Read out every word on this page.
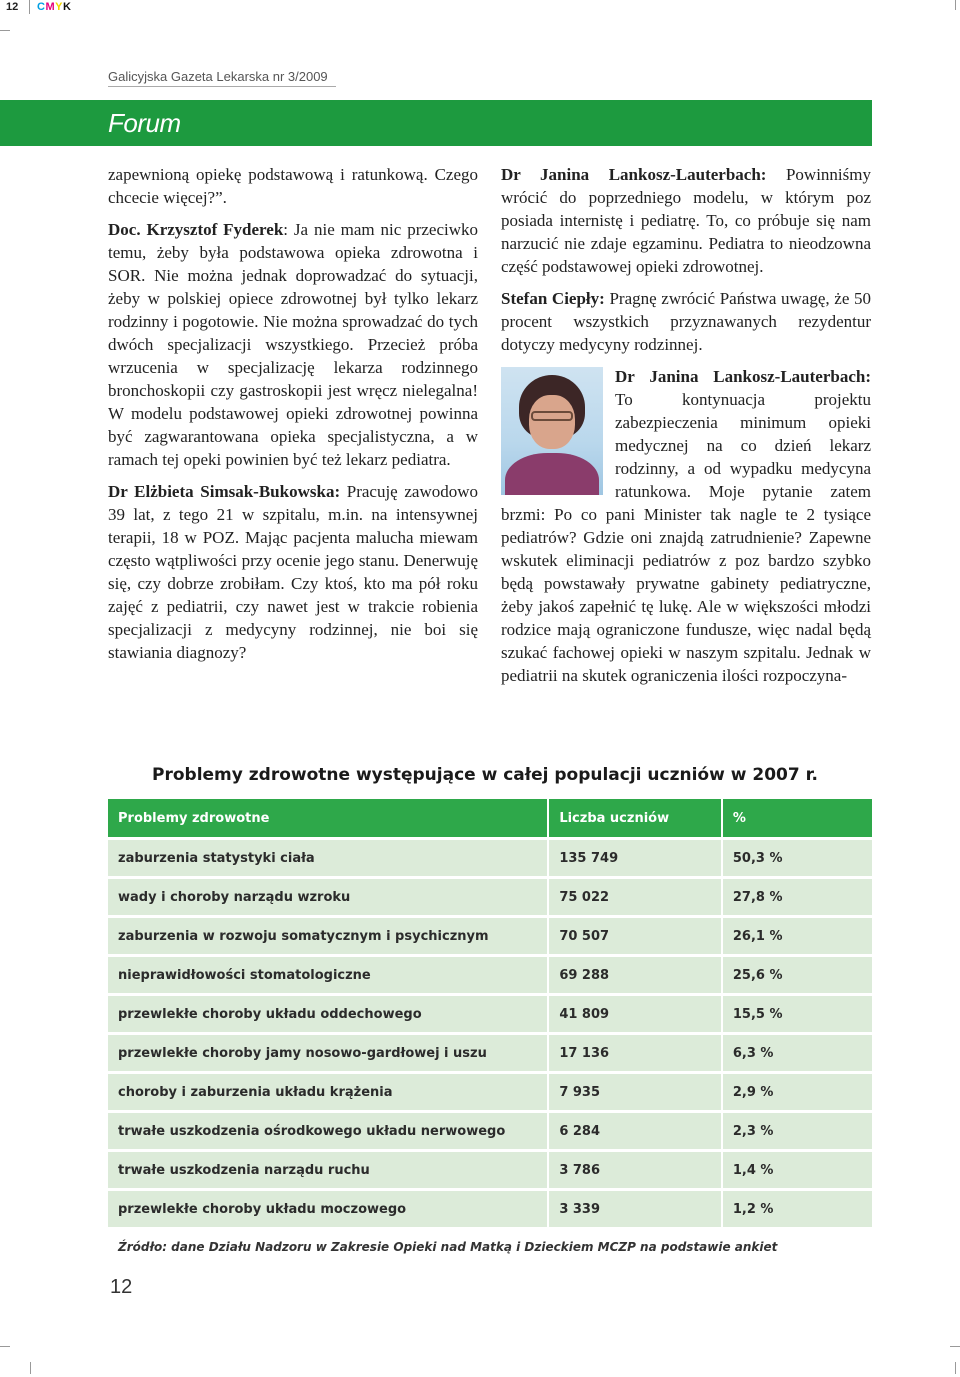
12 CMYK
Galicyjska Gazeta Lekarska nr 3/2009
Forum

zapewnioną opiekę podstawową i ratunkową. Czego chcecie więcej?”.

Doc. Krzysztof Fyderek: Ja nie mam nic przeciwko temu, żeby była podstawowa opieka zdrowotna i SOR. Nie można jednak doprowadzać do sytuacji, żeby w polskiej opiece zdrowotnej był tylko lekarz rodzinny i pogotowie. Nie można sprowadzać do tych dwóch specjalizacji wszystkiego. Przecież próba wrzucenia w specjalizację lekarza rodzinnego bronchoskopii czy gastroskopii jest wręcz nielegalna! W modelu podstawowej opieki zdrowotnej powinna być zagwarantowana opieka specjalistyczna, a w ramach tej opeki powinien być też lekarz pediatra.

Dr Elżbieta Simsak-Bukowska: Pracuję zawodowo 39 lat, z tego 21 w szpitalu, m.in. na intensywnej terapii, 18 w POZ. Mając pacjenta malucha miewam często wątpliwości przy ocenie jego stanu. Denerwuję się, czy dobrze zrobiłam. Czy ktoś, kto ma pół roku zajęć z pediatrii, czy nawet jest w trakcie robienia specjalizacji z medycyny rodzinnej, nie boi się stawiania diagnozy?

Dr Janina Lankosz-Lauterbach: Powinniśmy wrócić do poprzedniego modelu, w którym poz posiada internistę i pediatrę. To, co próbuje się nam narzucić nie zdaje egzaminu. Pediatra to nieodzowna część podstawowej opieki zdrowotnej.

Stefan Ciepły: Pragnę zwrócić Państwa uwagę, że 50 procent wszystkich przyznawanych rezydentur dotyczy medycyny rodzinnej.

Dr Janina Lankosz-Lauterbach: To kontynuacja projektu zabezpieczenia minimum opieki medycznej na co dzień lekarz rodzinny, a od wypadku medycyna ratunkowa. Moje pytanie zatem brzmi: Po co pani Minister tak nagle te 2 tysiące pediatrów? Gdzie oni znajdą zatrudnienie? Zapewne wskutek eliminacji pediatrów z poz bardzo szybko będą powstawały prywatne gabinety pediatryczne, żeby jakoś zapełnić tę lukę. Ale w większości młodzi rodzice mają ograniczone fundusze, więc nadal będą szukać fachowej opieki w naszym szpitalu. Jednak w pediatrii na skutek ograniczenia ilości rozpoczyna-

Problemy zdrowotne występujące w całej populacji uczniów w 2007 r.
Problemy zdrowotne	Liczba uczniów	%
zaburzenia statystyki ciała	135 749	50,3 %
wady i choroby narządu wzroku	75 022	27,8 %
zaburzenia w rozwoju somatycznym i psychicznym	70 507	26,1 %
nieprawidłowości stomatologiczne	69 288	25,6 %
przewlekłe choroby układu oddechowego	41 809	15,5 %
przewlekłe choroby jamy nosowo-gardłowej i uszu	17 136	6,3 %
choroby i zaburzenia układu krążenia	7 935	2,9 %
trwałe uszkodzenia ośrodkowego układu nerwowego	6 284	2,3 %
trwałe uszkodzenia narządu ruchu	3 786	1,4 %
przewlekłe choroby układu moczowego	3 339	1,2 %
Źródło: dane Działu Nadzoru w Zakresie Opieki nad Matką i Dzieckiem MCZP na podstawie ankiet
12
